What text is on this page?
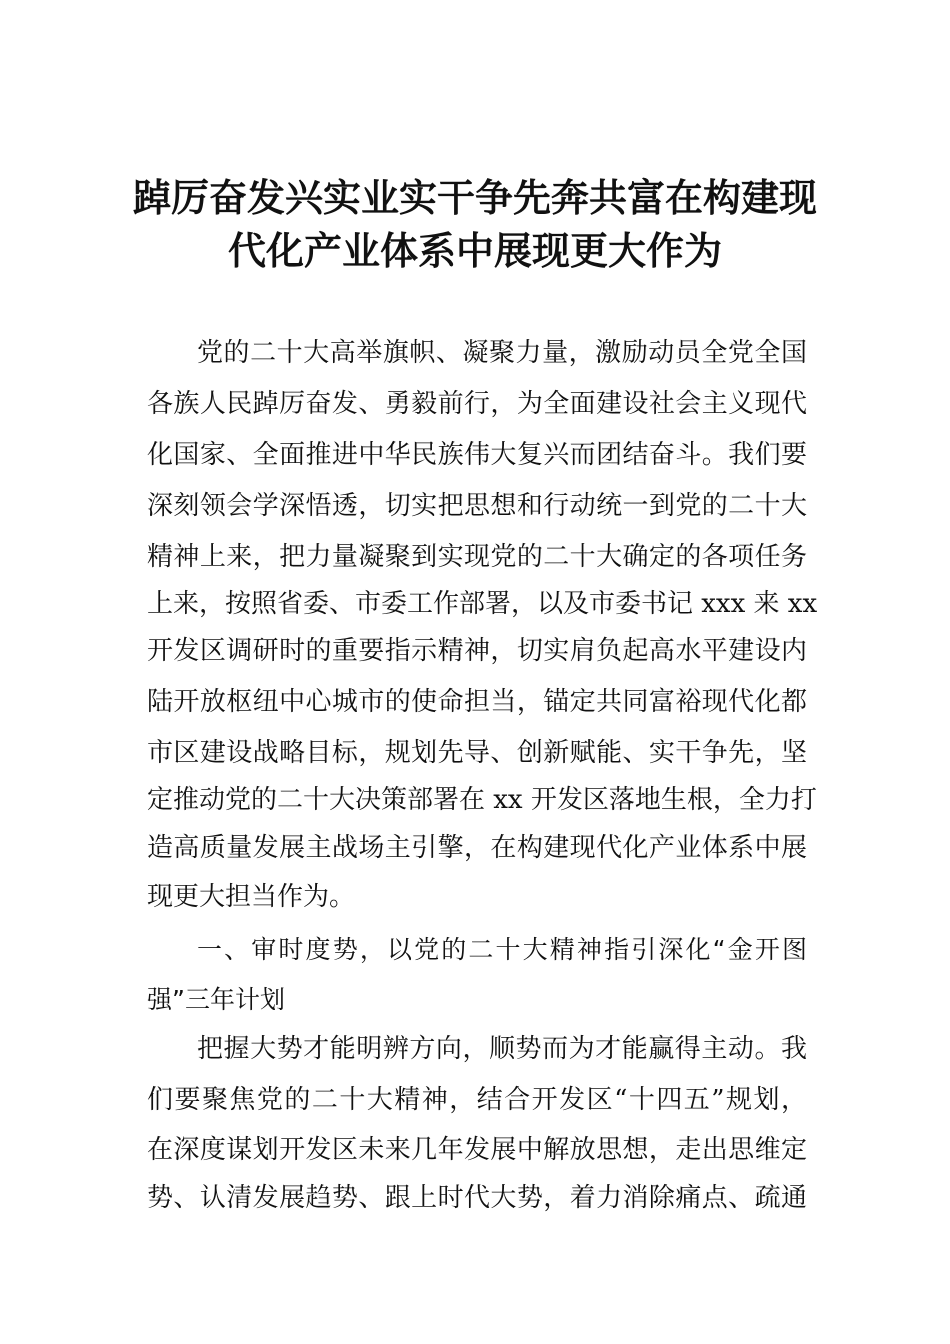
踔厉奋发兴实业实干争先奔共富在构建现
代化产业体系中展现更大作为
党的二十大高举旗帜、凝聚力量，激励动员全党全国
各族人民踔厉奋发、勇毅前行，为全面建设社会主义现代
化国家、全面推进中华民族伟大复兴而团结奋斗。我们要
深刻领会学深悟透，切实把思想和行动统一到党的二十大
精神上来，把力量凝聚到实现党的二十大确定的各项任务
上来，按照省委、市委工作部署，以及市委书记 xxx 来 xx
开发区调研时的重要指示精神，切实肩负起高水平建设内
陆开放枢纽中心城市的使命担当，锚定共同富裕现代化都
市区建设战略目标，规划先导、创新赋能、实干争先，坚
定推动党的二十大决策部署在 xx 开发区落地生根，全力打
造高质量发展主战场主引擎，在构建现代化产业体系中展
现更大担当作为。
一、审时度势，以党的二十大精神指引深化“金开图
强”三年计划
把握大势才能明辨方向，顺势而为才能赢得主动。我
们要聚焦党的二十大精神，结合开发区“十四五”规划，
在深度谋划开发区未来几年发展中解放思想，走出思维定
势、认清发展趋势、跟上时代大势，着力消除痛点、疏通
